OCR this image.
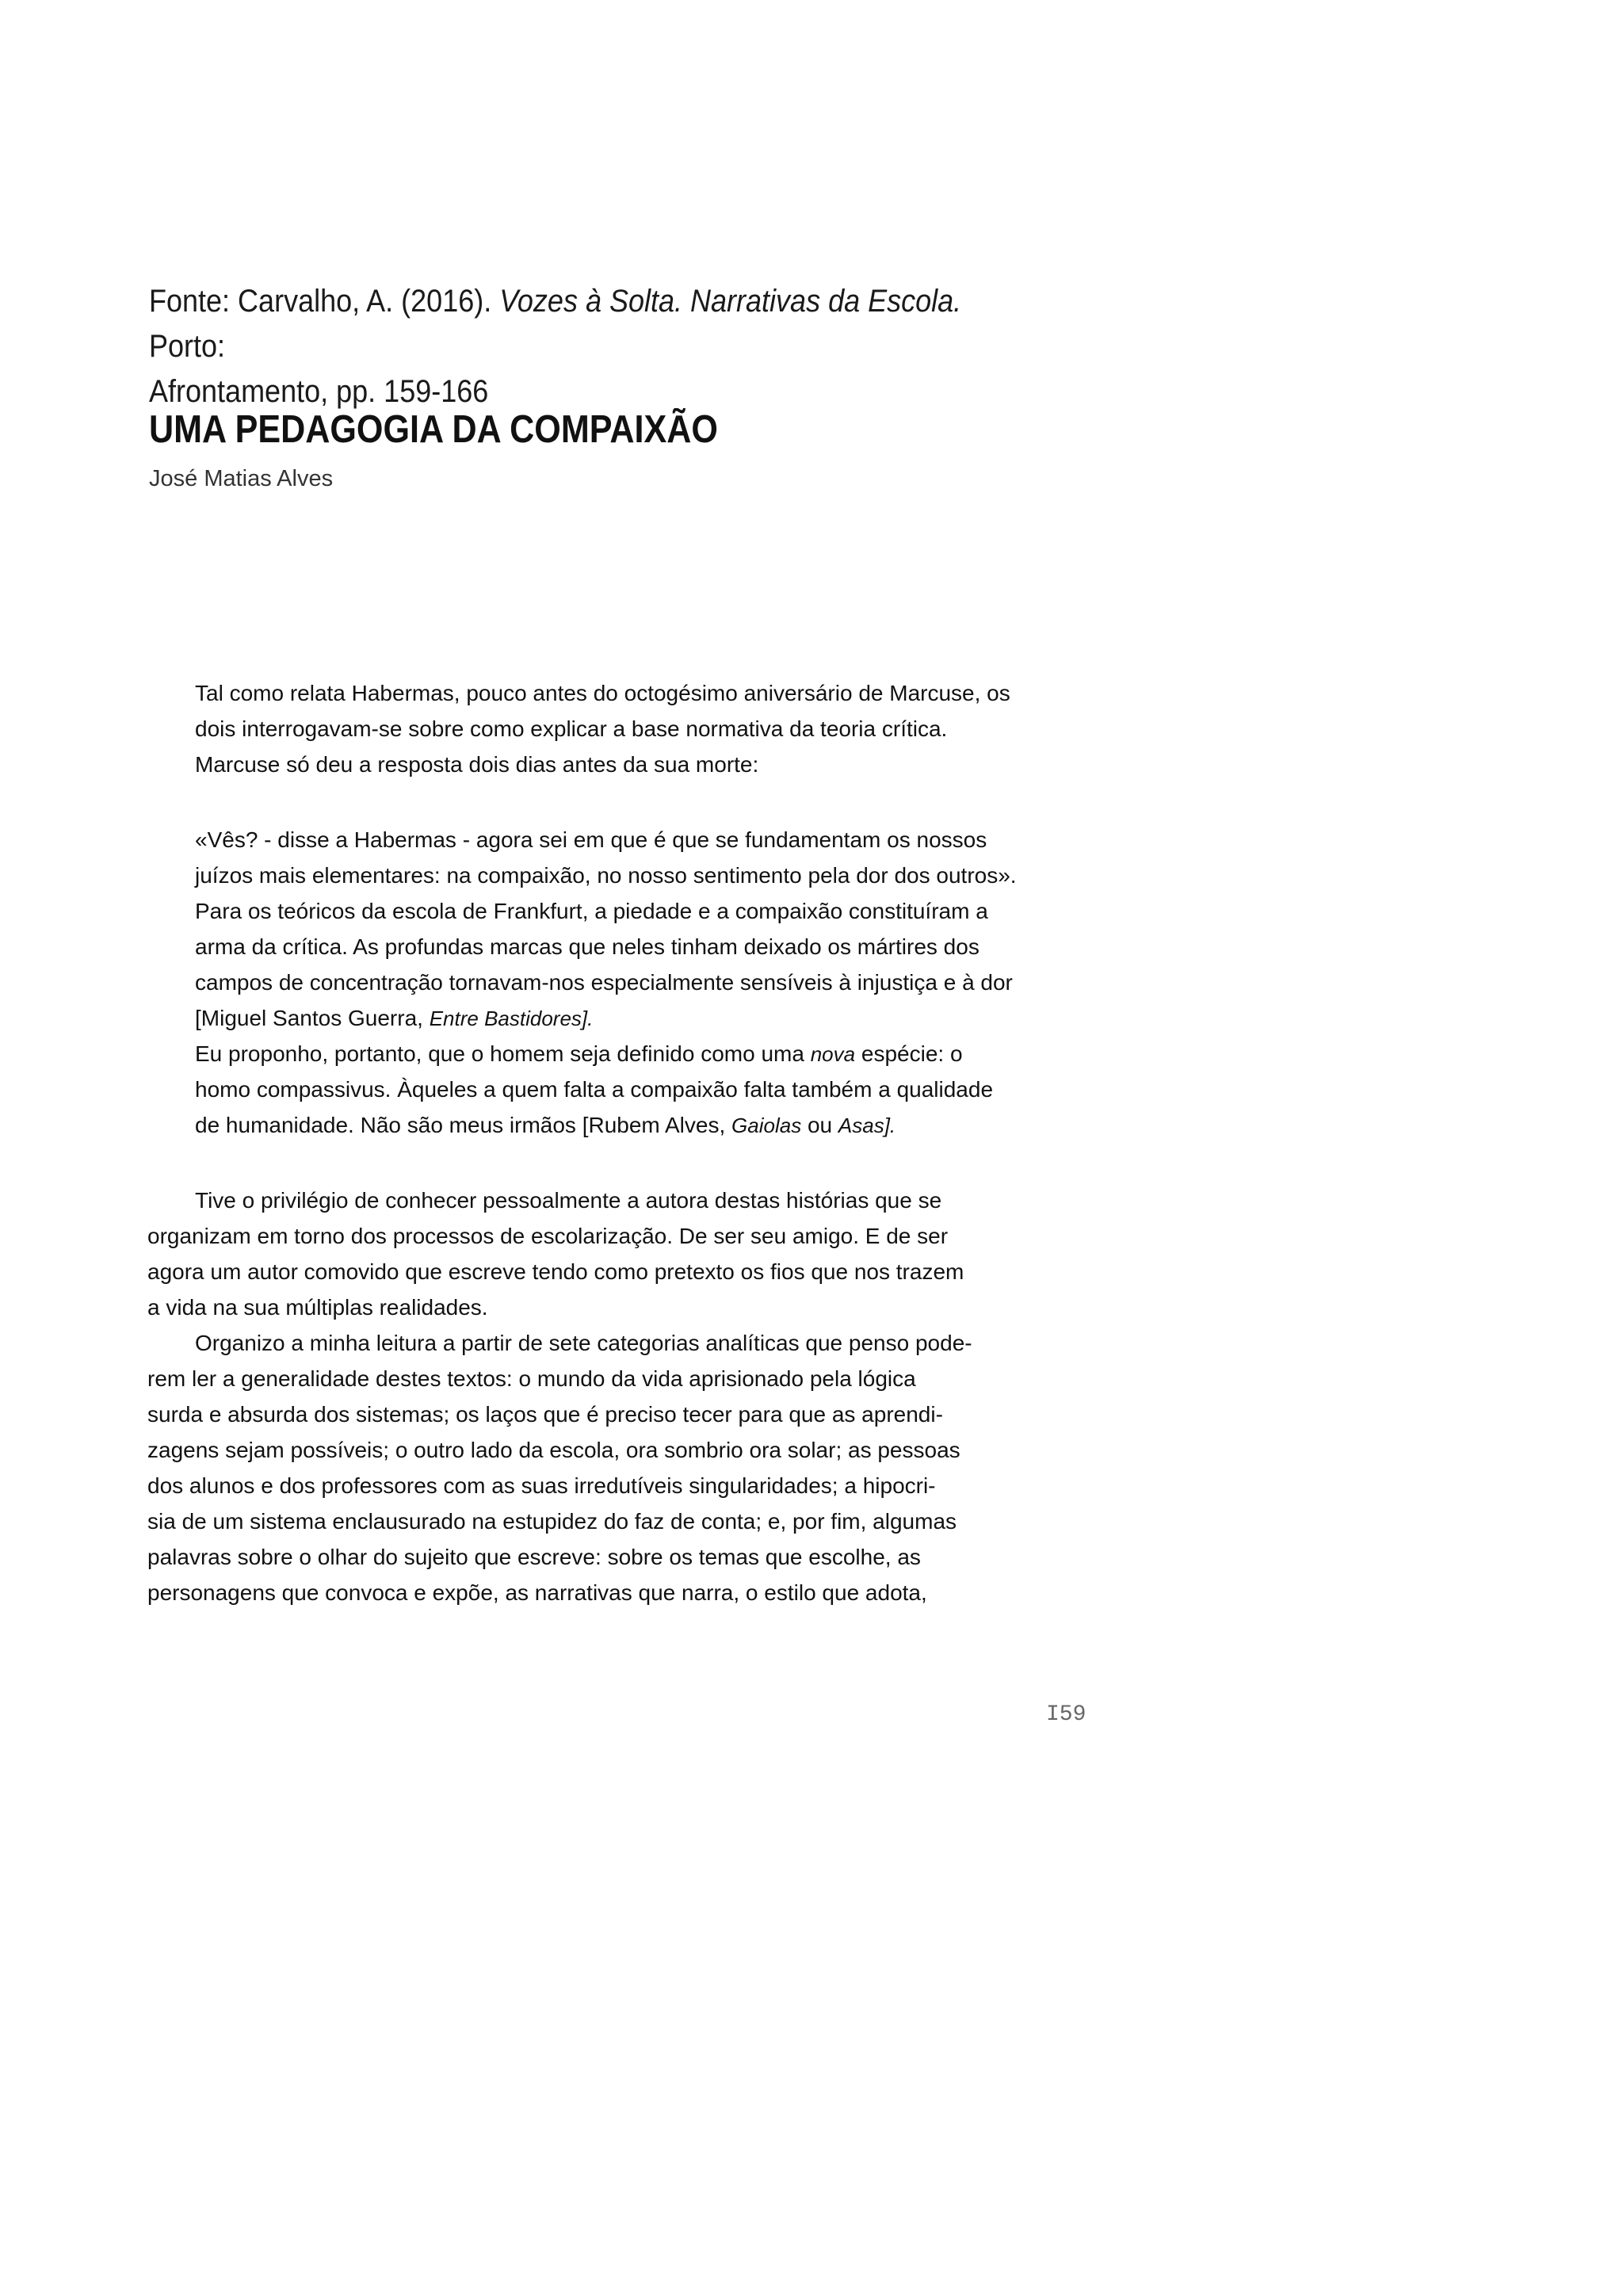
Fonte: Carvalho, A. (2016). Vozes à Solta. Narrativas da Escola. Porto:
Afrontamento, pp. 159-166
UMA PEDAGOGIA DA COMPAIXÃO
José Matias Alves
Tal como relata Habermas, pouco antes do octogésimo aniversário de Marcuse, os
dois interrogavam-se sobre como explicar a base normativa da teoria crítica.
Marcuse só deu a resposta dois dias antes da sua morte:
«Vês? - disse a Habermas - agora sei em que é que se fundamentam os nossos
juízos mais elementares: na compaixão, no nosso sentimento pela dor dos outros».
Para os teóricos da escola de Frankfurt, a piedade e a compaixão constituíram a
arma da crítica. As profundas marcas que neles tinham deixado os mártires dos
campos de concentração tornavam-nos especialmente sensíveis à injustiça e à dor
[Miguel Santos Guerra, Entre Bastidores].
Eu proponho, portanto, que o homem seja definido como uma nova espécie: o
homo compassivus. Àqueles a quem falta a compaixão falta também a qualidade
de humanidade. Não são meus irmãos [Rubem Alves, Gaiolas ou Asas].
Tive o privilégio de conhecer pessoalmente a autora destas histórias que se
organizam em torno dos processos de escolarização. De ser seu amigo. E de ser
agora um autor comovido que escreve tendo como pretexto os fios que nos trazem
a vida na sua múltiplas realidades.
Organizo a minha leitura a partir de sete categorias analíticas que penso pode-
rem ler a generalidade destes textos: o mundo da vida aprisionado pela lógica
surda e absurda dos sistemas; os laços que é preciso tecer para que as aprendi-
zagens sejam possíveis; o outro lado da escola, ora sombrio ora solar; as pessoas
dos alunos e dos professores com as suas irredutíveis singularidades; a hipocri-
sia de um sistema enclausurado na estupidez do faz de conta; e, por fim, algumas
palavras sobre o olhar do sujeito que escreve: sobre os temas que escolhe, as
personagens que convoca e expõe, as narrativas que narra, o estilo que adota,
I59
